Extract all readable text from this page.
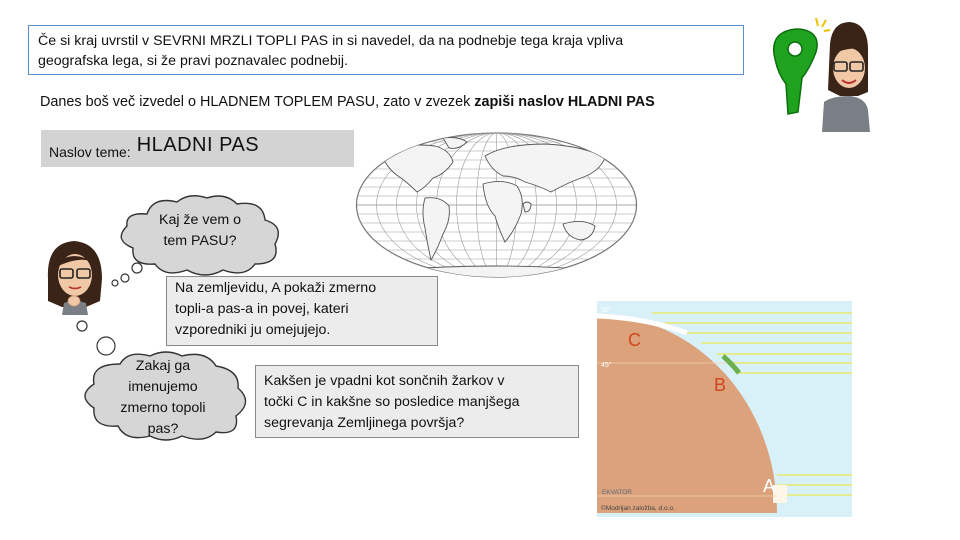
Če si kraj uvrstil v SEVRNI MRZLI TOPLI PAS in si navedel, da na podnebje tega kraja vpliva
geografska lega, si že pravi poznavalec podnebij.
Danes boš več izvedel o HLADNEM TOPLEM PASU, zato v zvezek zapiši naslov HLADNI PAS
Naslov teme: HLADNI PAS
Kaj že vem o
tem PASU?
Na zemljevidu, A pokaži zmerno
topli-a pas-a in povej, kateri
vzporedniki ju omejujejo.
Zakaj ga
imenujemo
zmerno topoli
pas?
Kakšen je vpadni kot sončnih žarkov v
točki C in kakšne so posledice manjšega
segrevanja Zemljinega površja?
90°
45°
EKVATOR
©Modrijan založba, d.o.o.
C
B
A
